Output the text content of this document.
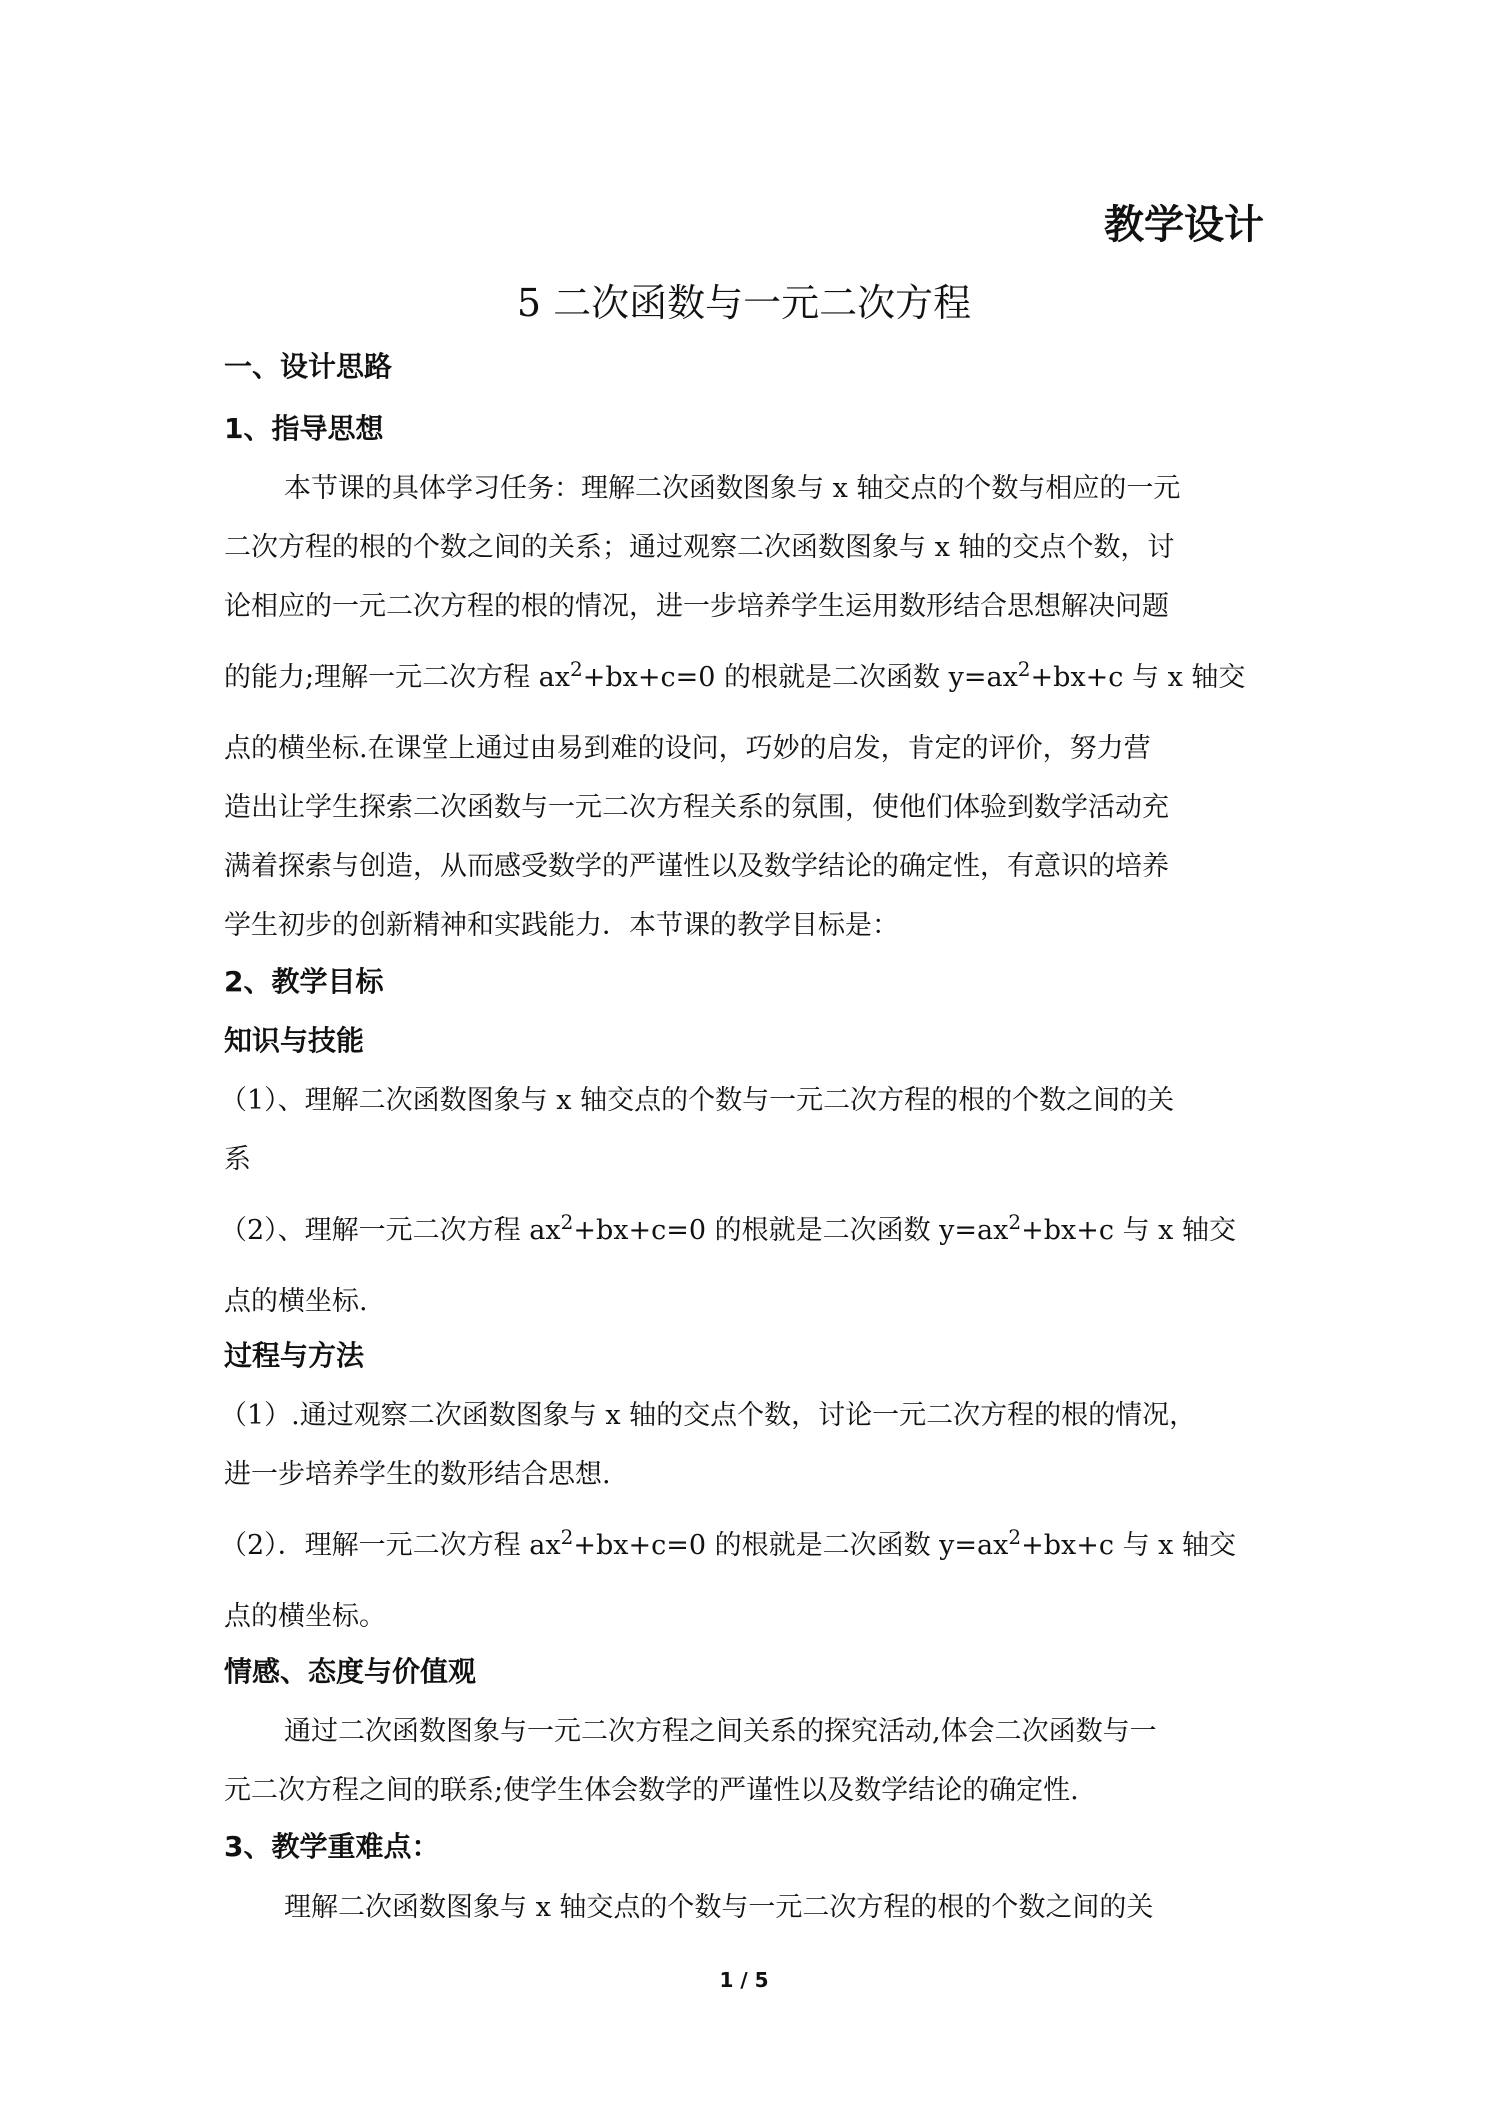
教学设计
5 二次函数与一元二次方程
一、设计思路
1、指导思想
本节课的具体学习任务：理解二次函数图象与 x 轴交点的个数与相应的一元
二次方程的根的个数之间的关系；通过观察二次函数图象与 x 轴的交点个数，讨
论相应的一元二次方程的根的情况，进一步培养学生运用数形结合思想解决问题
的能力;理解一元二次方程 $ax^2+bx+c=0$ 的根就是二次函数 $y=ax^2+bx+c$ 与 x 轴交
点的横坐标.在课堂上通过由易到难的设问，巧妙的启发，肯定的评价，努力营
造出让学生探索二次函数与一元二次方程关系的氛围，使他们体验到数学活动充
满着探索与创造，从而感受数学的严谨性以及数学结论的确定性，有意识的培养
学生初步的创新精神和实践能力．本节课的教学目标是：
2、教学目标
知识与技能
（1）、理解二次函数图象与 x 轴交点的个数与一元二次方程的根的个数之间的关
系
（2）、理解一元二次方程 $ax^2+bx+c=0$ 的根就是二次函数 $y=ax^2+bx+c$ 与 x 轴交
点的横坐标.
过程与方法
（1）.通过观察二次函数图象与 x 轴的交点个数，讨论一元二次方程的根的情况，
进一步培养学生的数形结合思想.
（2）．理解一元二次方程 $ax^2+bx+c=0$ 的根就是二次函数 $y=ax^2+bx+c$ 与 x 轴交
点的横坐标。
情感、态度与价值观
通过二次函数图象与一元二次方程之间关系的探究活动,体会二次函数与一
元二次方程之间的联系;使学生体会数学的严谨性以及数学结论的确定性.
3、教学重难点：
理解二次函数图象与 x 轴交点的个数与一元二次方程的根的个数之间的关
1 / 5
